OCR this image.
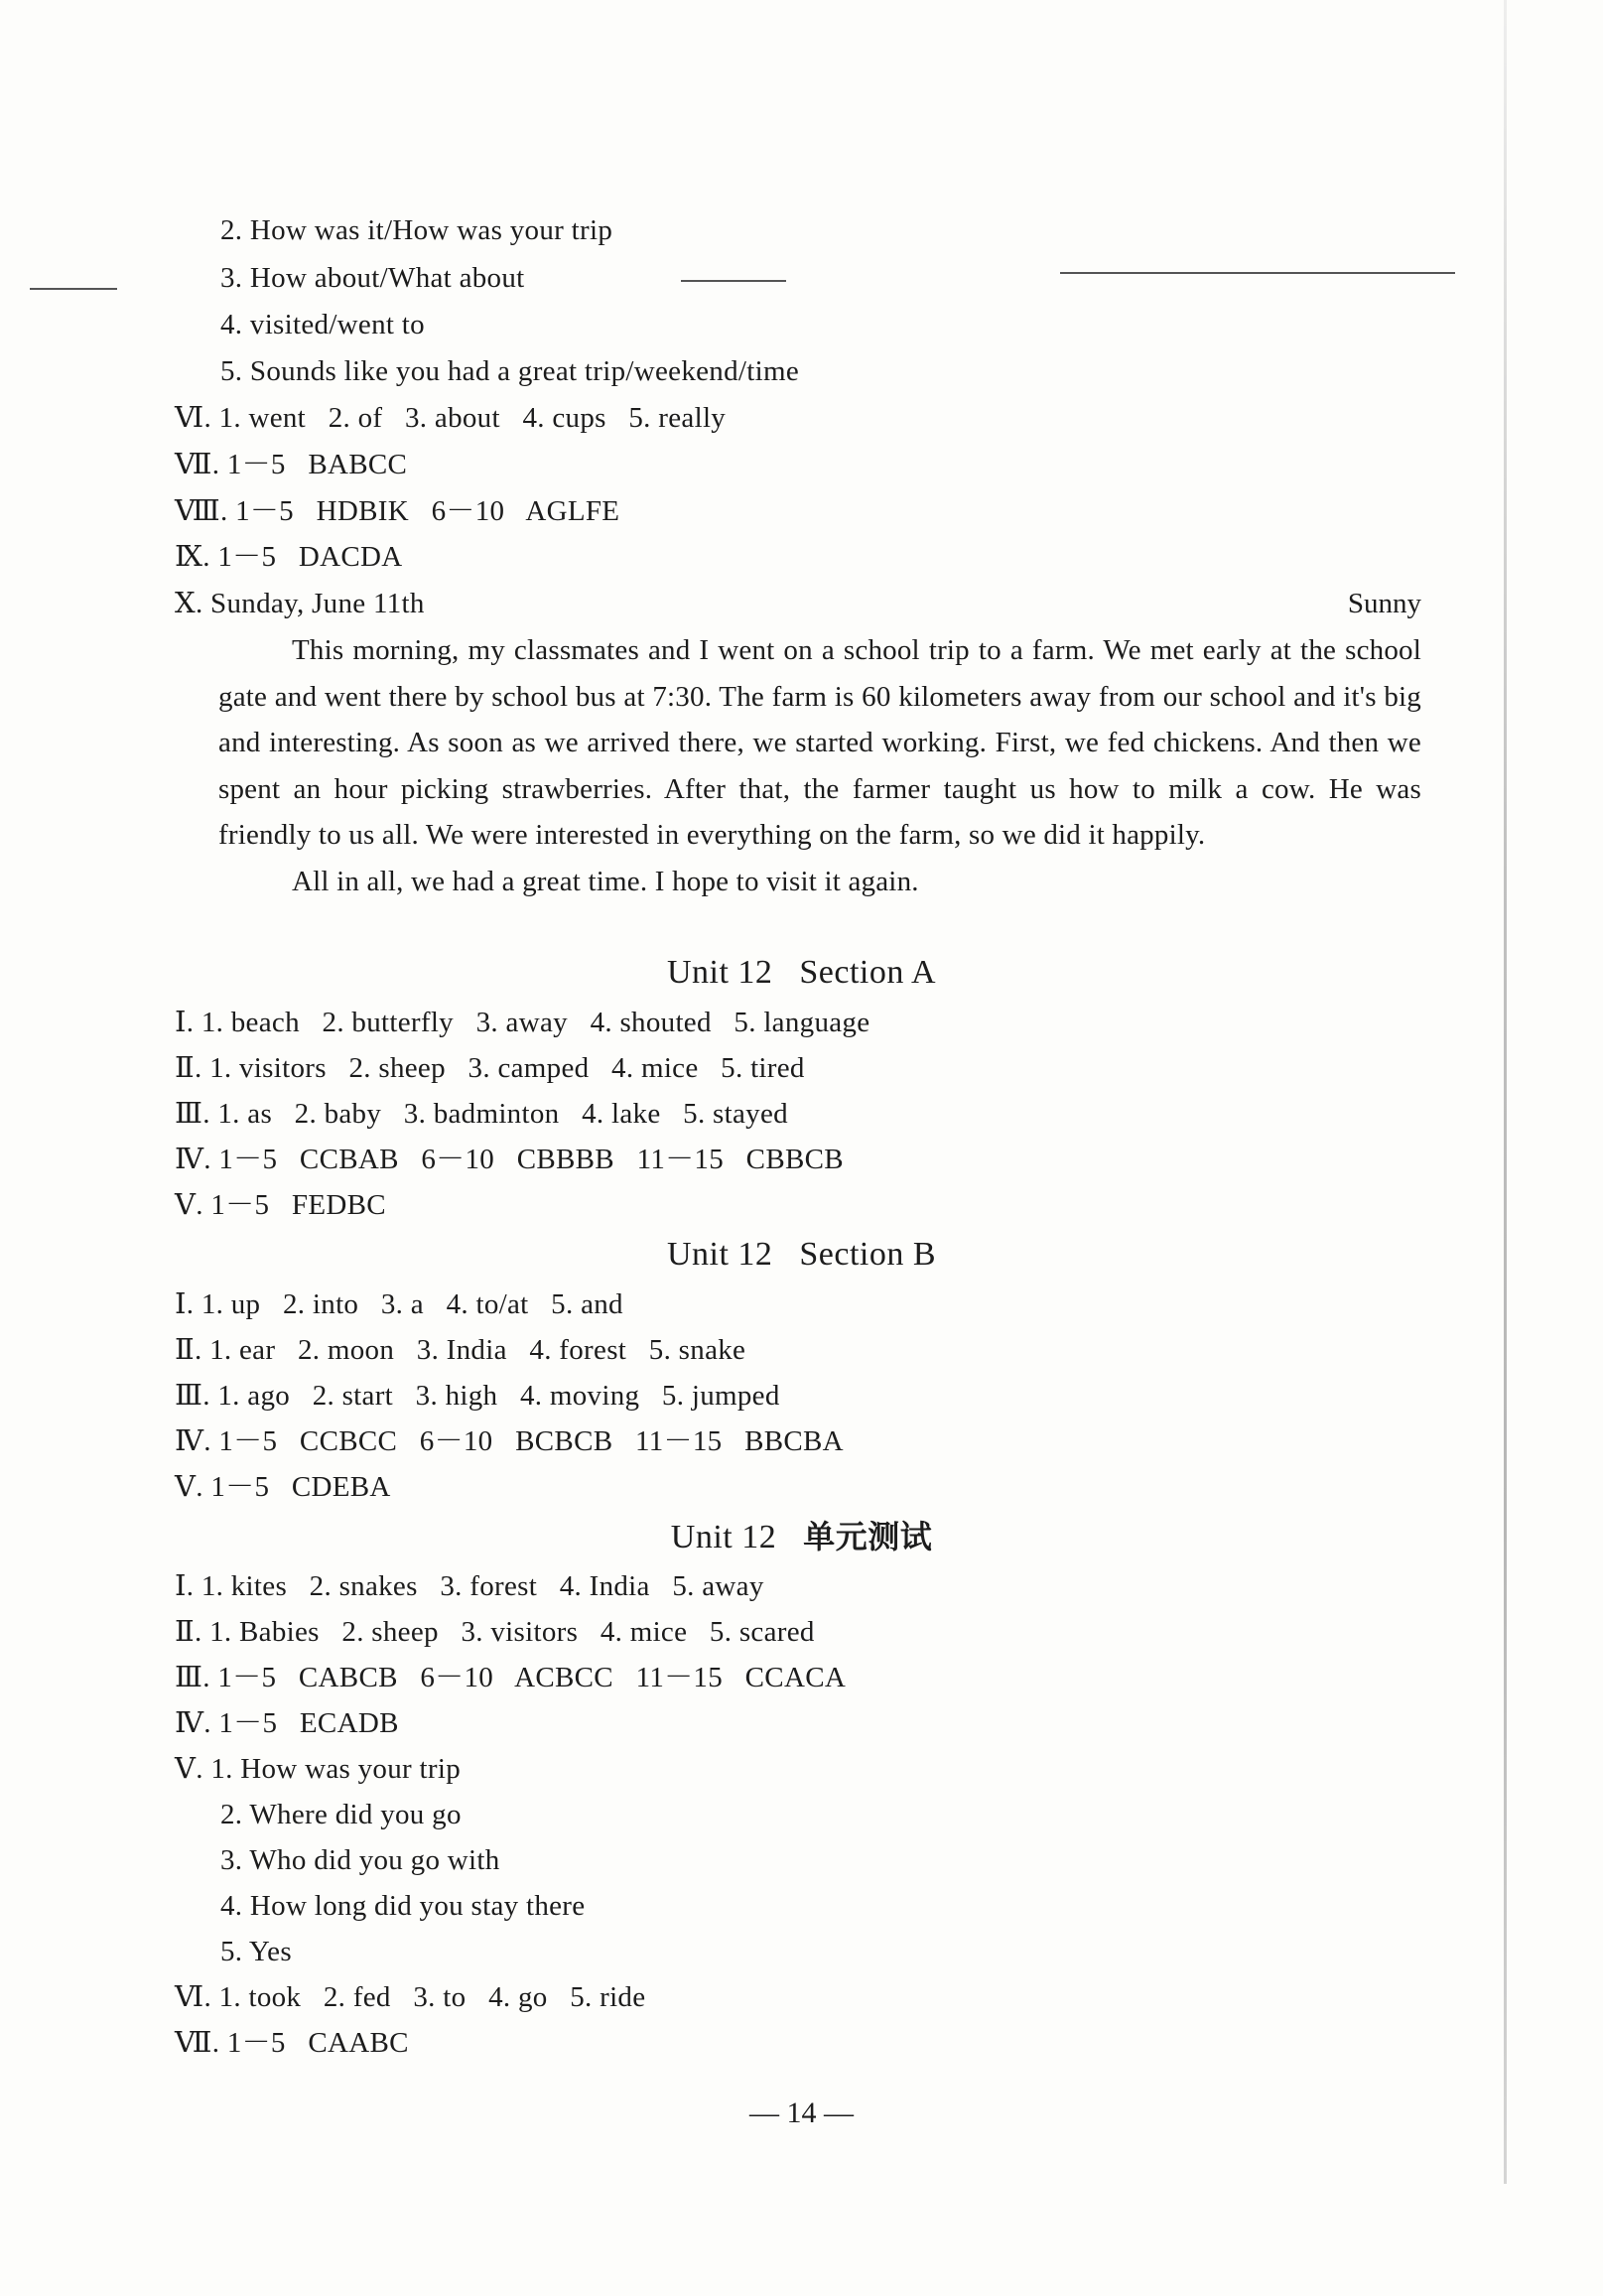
2. How was it/How was your trip
3. How about/What about
4. visited/went to
5. Sounds like you had a great trip/weekend/time
Ⅵ. 1. went   2. of   3. about   4. cups   5. really
Ⅶ. 1－5   BABCC
Ⅷ. 1－5   HDBIK   6－10   AGLFE
Ⅸ. 1－5   DACDA
Ⅹ. Sunday, June 11th	Sunny

This morning, my classmates and I went on a school trip to a farm. We met early at the school gate and went there by school bus at 7:30. The farm is 60 kilometers away from our school and it's big and interesting. As soon as we arrived there, we started working. First, we fed chickens. And then we spent an hour picking strawberries. After that, the farmer taught us how to milk a cow. He was friendly to us all. We were interested in everything on the farm, so we did it happily.

All in all, we had a great time. I hope to visit it again.

Unit 12   Section A
Ⅰ. 1. beach   2. butterfly   3. away   4. shouted   5. language
Ⅱ. 1. visitors   2. sheep   3. camped   4. mice   5. tired
Ⅲ. 1. as   2. baby   3. badminton   4. lake   5. stayed
Ⅳ. 1－5   CCBAB   6－10   CBBBB   11－15   CBBCB
Ⅴ. 1－5   FEDBC
Unit 12   Section B
Ⅰ. 1. up   2. into   3. a   4. to/at   5. and
Ⅱ. 1. ear   2. moon   3. India   4. forest   5. snake
Ⅲ. 1. ago   2. start   3. high   4. moving   5. jumped
Ⅳ. 1－5   CCBCC   6－10   BCBCB   11－15   BBCBA
Ⅴ. 1－5   CDEBA
Unit 12 单元测试
Ⅰ. 1. kites   2. snakes   3. forest   4. India   5. away
Ⅱ. 1. Babies   2. sheep   3. visitors   4. mice   5. scared
Ⅲ. 1－5   CABCB   6－10   ACBCC   11－15   CCACA
Ⅳ. 1－5   ECADB
Ⅴ. 1. How was your trip
2. Where did you go
3. Who did you go with
4. How long did you stay there
5. Yes
Ⅵ. 1. took   2. fed   3. to   4. go   5. ride
Ⅶ. 1－5   CAABC
— 14 —
